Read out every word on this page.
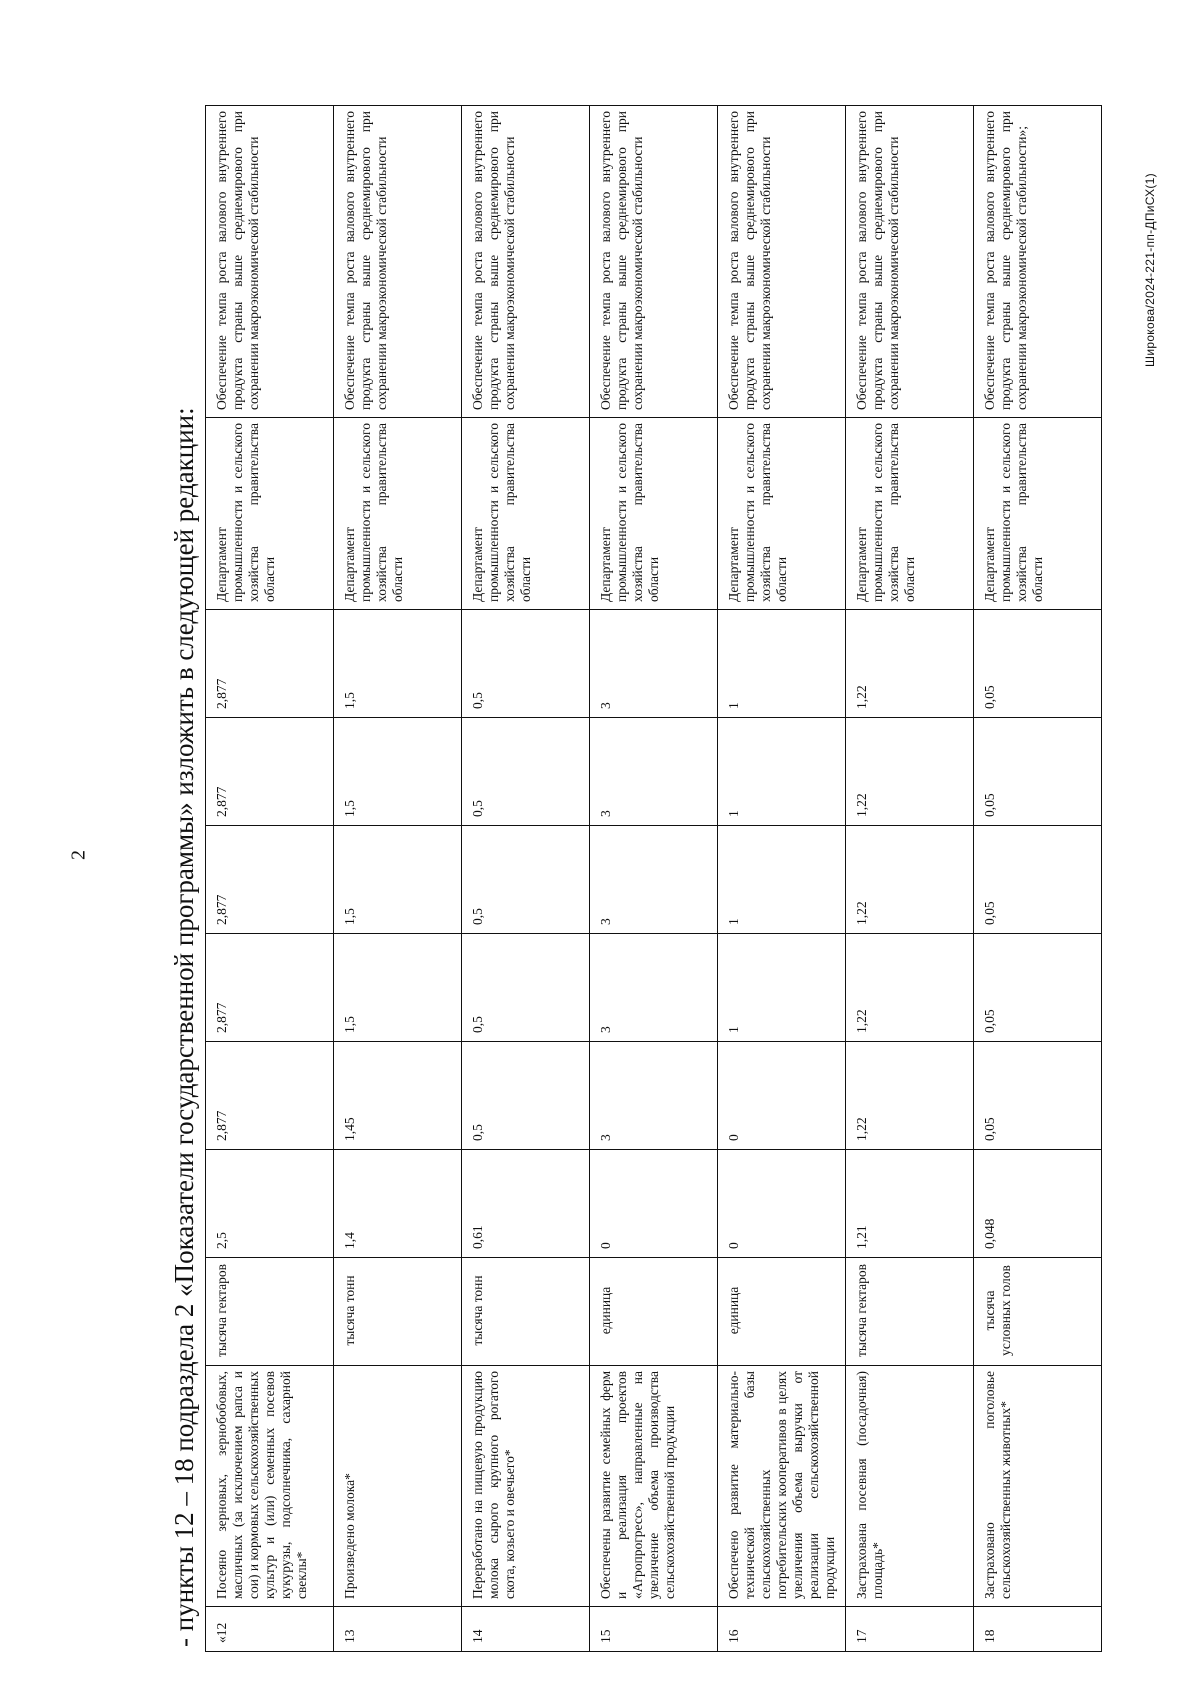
2
Широкова/2024-221-пп-ДПиСХ(1)
- пункты 12 – 18 подраздела 2 «Показатели государственной программы» изложить в следующей редакции:	«12	Посеяно зерновых, зернобобовых, масличных (за исключением рапса и сои) и кормовых сельскохозяйственных культур и (или) семенных посевов кукурузы, подсолнечника, сахарной свеклы*	тысяча гектаров	2,5	2,877	2,877	2,877	2,877	2,877	Департамент промышленности и сельского хозяйства правительства области	Обеспечение темпа роста валового внутреннего продукта страны выше среднемирового при сохранении макроэкономической стабильности
13	Произведено молока*	тысяча тонн	1,4	1,45	1,5	1,5	1,5	1,5	Департамент промышленности и сельского хозяйства правительства области	Обеспечение темпа роста валового внутреннего продукта страны выше среднемирового при сохранении макроэкономической стабильности
14	Переработано на пищевую продукцию молока сырого крупного рогатого скота, козьего и овечьего*	тысяча тонн	0,61	0,5	0,5	0,5	0,5	0,5	Департамент промышленности и сельского хозяйства правительства области	Обеспечение темпа роста валового внутреннего продукта страны выше среднемирового при сохранении макроэкономической стабильности
15	Обеспечены развитие семейных ферм и реализация проектов «Агропрогресс», направленные на увеличение объема производства сельскохозяйственной продукции	единица	0	3	3	3	3	3	Департамент промышленности и сельского хозяйства правительства области	Обеспечение темпа роста валового внутреннего продукта страны выше среднемирового при сохранении макроэкономической стабильности
16	Обеспечено развитие материально-технической базы сельскохозяйственных потребительских кооперативов в целях увеличения объема выручки от реализации сельскохозяйственной продукции	единица	0	0	1	1	1	1	Департамент промышленности и сельского хозяйства правительства области	Обеспечение темпа роста валового внутреннего продукта страны выше среднемирового при сохранении макроэкономической стабильности
17	Застрахована посевная (посадочная) площадь*	тысяча гектаров	1,21	1,22	1,22	1,22	1,22	1,22	Департамент промышленности и сельского хозяйства правительства области	Обеспечение темпа роста валового внутреннего продукта страны выше среднемирового при сохранении макроэкономической стабильности
18	Застраховано поголовье сельскохозяйственных животных*	тысяча условных голов	0,048	0,05	0,05	0,05	0,05	0,05	Департамент промышленности и сельского хозяйства правительства области	Обеспечение темпа роста валового внутреннего продукта страны выше среднемирового при сохранении макроэкономической стабильности»;
